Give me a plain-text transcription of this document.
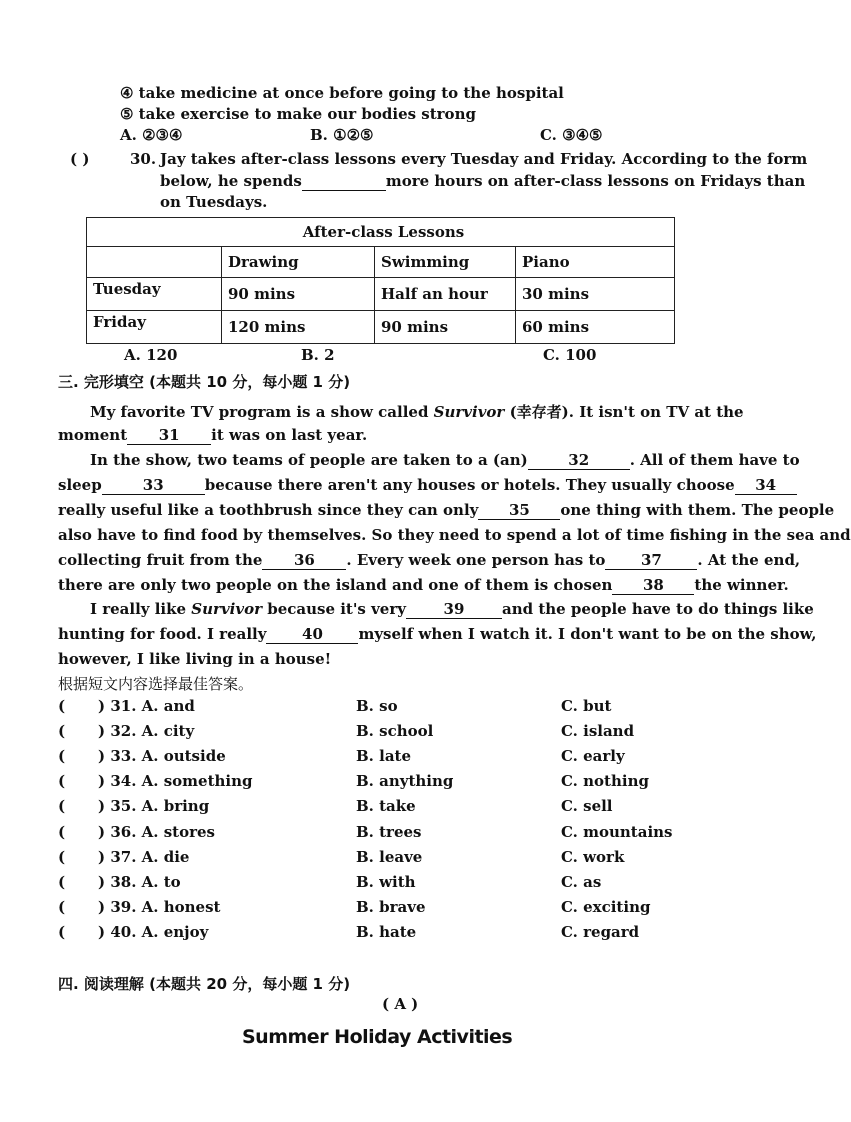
④ take medicine at once before going to the hospital
⑤ take exercise to make our bodies strong
A. ②③④	B. ①②⑤	C. ③④⑤
( )	30. Jay takes after-class lessons every Tuesday and Friday. According to the form
below, he spends	more hours on after-class lessons on Fridays than
on Tuesdays.
After-class Lessons			
	Drawing	Swimming	Piano
Tuesday	90 mins	Half an hour	30 mins
Friday	120 mins	90 mins	60 mins
A. 120	B. 2	C. 100
三. 完形填空 (本题共 10 分，每小题 1 分)
My favorite TV program is a show called Survivor (幸存者). It isn't on TV at the
moment 31 it was on last year.
In the show, two teams of people are taken to a (an)	32	. All of them have to
sleep	33	because there aren't any houses or hotels. They usually choose 34
really useful like a toothbrush since they can only 35 one thing with them. The people
also have to find food by themselves. So they need to spend a lot of time fishing in the sea and
collecting fruit from the 36 . Every week one person has to 37 . At the end,
there are only two people on the island and one of them is chosen 38 the winner.
I really like Survivor because it's very	39	and the people have to do things like
hunting for food. I really 40 myself when I watch it. I don't want to be on the show,
however, I like living in a house!
根据短文内容选择最佳答案。
( ) 31. A. and	B. so	C. but
( ) 32. A. city	B. school	C. island
( ) 33. A. outside	B. late	C. early
( ) 34. A. something	B. anything	C. nothing
( ) 35. A. bring	B. take	C. sell
( ) 36. A. stores	B. trees	C. mountains
( ) 37. A. die	B. leave	C. work
( ) 38. A. to	B. with	C. as
( ) 39. A. honest	B. brave	C. exciting
( ) 40. A. enjoy	B. hate	C. regard
四. 阅读理解 (本题共 20 分，每小题 1 分)
( A )
Summer Holiday Activities
